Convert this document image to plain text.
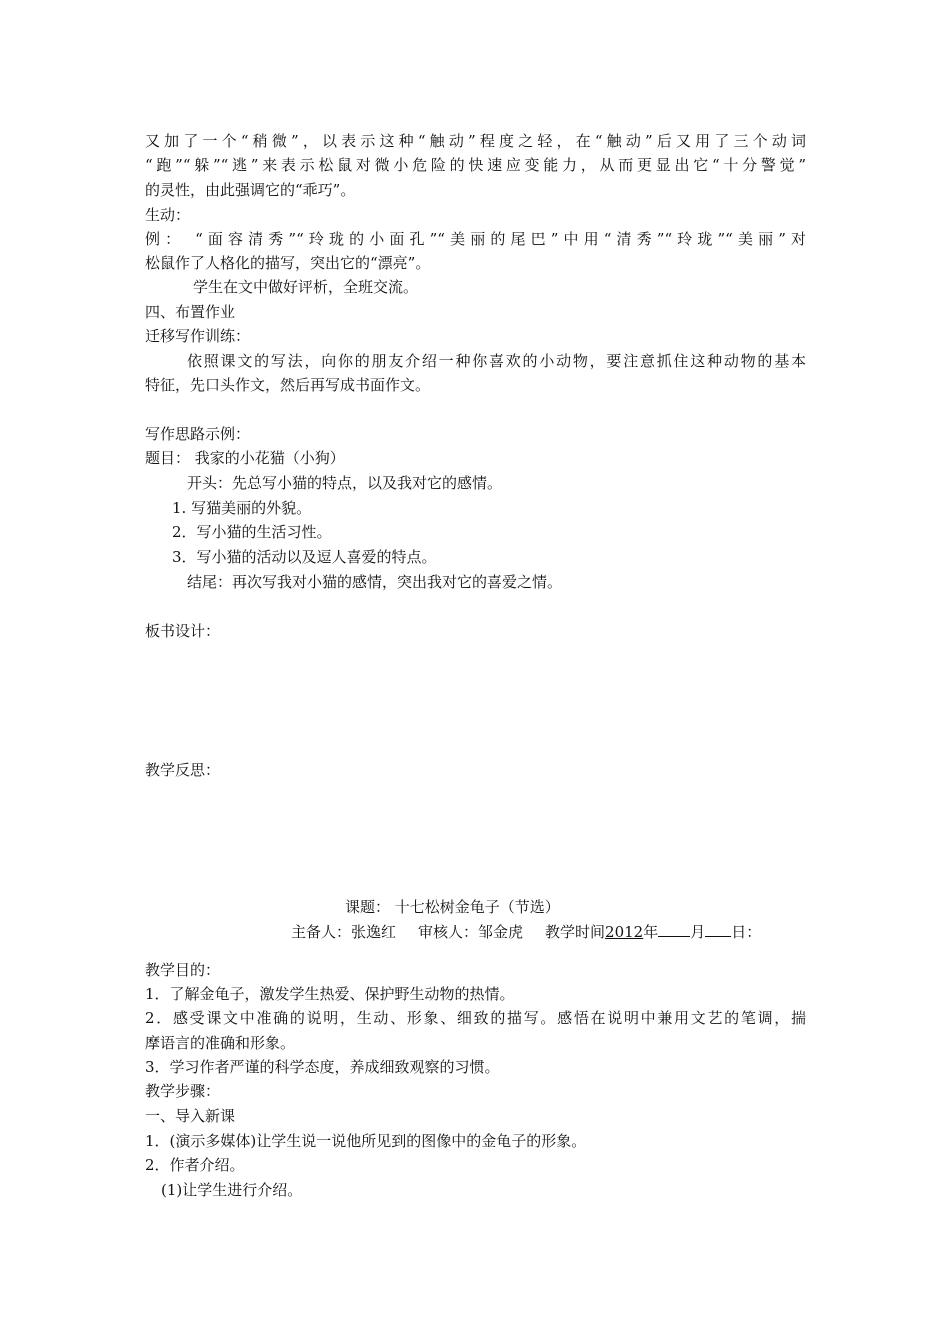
又加了一个“稍微”，以表示这种“触动”程度之轻，在“触动”后又用了三个动词
“跑”“躲”“逃”来表示松鼠对微小危险的快速应变能力，从而更显出它“十分警觉”
的灵性，由此强调它的“乖巧”。
生动：
例： “面容清秀”“玲珑的小面孔”“美丽的尾巴”中用“清秀”“玲珑”“美丽”对
松鼠作了人格化的描写，突出它的“漂亮”。
学生在文中做好评析，全班交流。
四、布置作业
迁移写作训练：
依照课文的写法，向你的朋友介绍一种你喜欢的小动物，要注意抓住这种动物的基本
特征，先口头作文，然后再写成书面作文。
写作思路示例：
题目： 我家的小花猫（小狗）
开头：先总写小猫的特点，以及我对它的感情。
1. 写猫美丽的外貌。
2．写小猫的生活习性。
3．写小猫的活动以及逗人喜爱的特点。
结尾：再次写我对小猫的感情，突出我对它的喜爱之情。
板书设计：
教学反思：
课题： 十七松树金龟子（节选）
主备人：张逸红 审核人：邹金虎 教学时间2012年 月 日：
教学目的：
1．了解金龟子，激发学生热爱、保护野生动物的热情。
2．感受课文中准确的说明，生动、形象、细致的描写。感悟在说明中兼用文艺的笔调，揣
摩语言的准确和形象。
3．学习作者严谨的科学态度，养成细致观察的习惯。
教学步骤：
一、导入新课
1．(演示多媒体)让学生说一说他所见到的图像中的金龟子的形象。
2．作者介绍。
(1)让学生进行介绍。
